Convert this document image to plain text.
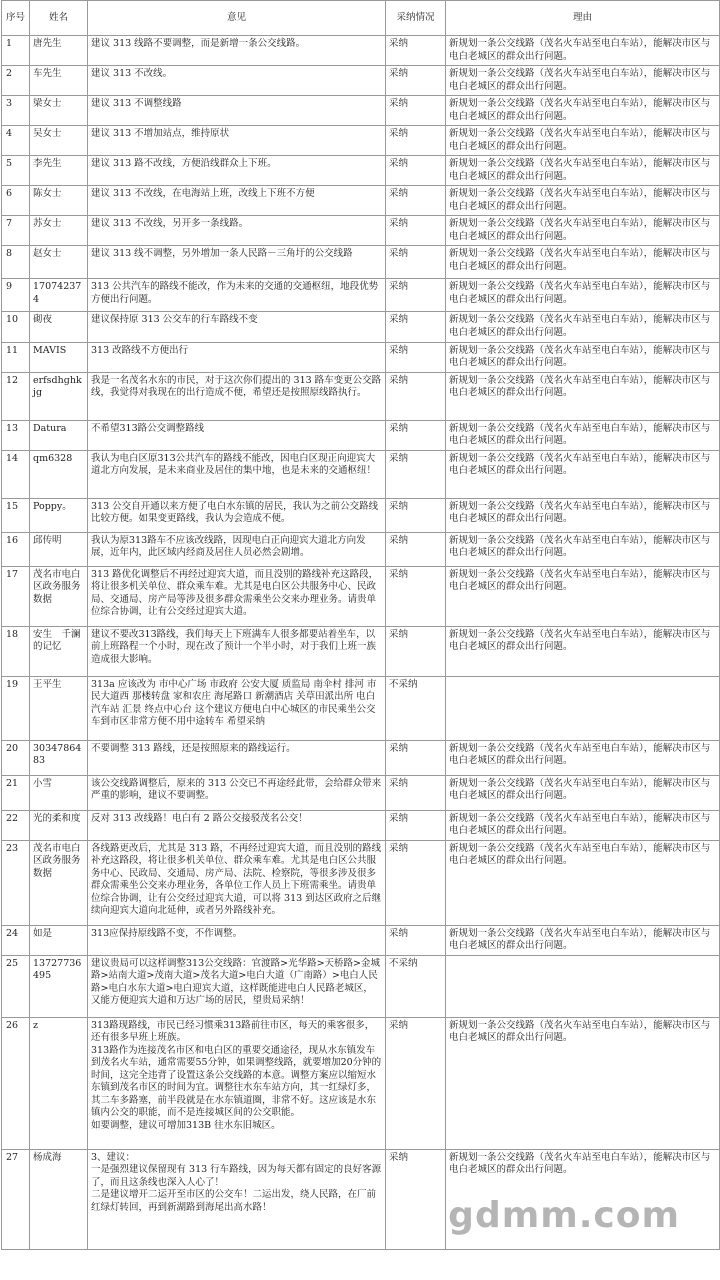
序号	姓名	意见	采纳情况	理由
1	唐先生	建议 313 线路不要调整，而是新增一条公交线路。	采纳	新规划一条公交线路（茂名火车站至电白车站），能解决市区与电白老城区的群众出行问题。
2	车先生	建议 313 不改线。	采纳	新规划一条公交线路（茂名火车站至电白车站），能解决市区与电白老城区的群众出行问题。
3	梁女士	建议 313 不调整线路	采纳	新规划一条公交线路（茂名火车站至电白车站），能解决市区与电白老城区的群众出行问题。
4	吴女士	建议 313 不增加站点，维持原状	采纳	新规划一条公交线路（茂名火车站至电白车站），能解决市区与电白老城区的群众出行问题。
5	李先生	建议 313 路不改线，方便沿线群众上下班。	采纳	新规划一条公交线路（茂名火车站至电白车站），能解决市区与电白老城区的群众出行问题。
6	陈女士	建议 313 不改线，在电海站上班，改线上下班不方便	采纳	新规划一条公交线路（茂名火车站至电白车站），能解决市区与电白老城区的群众出行问题。
7	苏女士	建议 313 不改线，另开多一条线路。	采纳	新规划一条公交线路（茂名火车站至电白车站），能解决市区与电白老城区的群众出行问题。
8	赵女士	建议 313 线不调整，另外增加一条人民路－三角圩的公交线路	采纳	新规划一条公交线路（茂名火车站至电白车站），能解决市区与电白老城区的群众出行问题。
9	170742374	313 公共汽车的路线不能改，作为未来的交通的交通枢纽，地段优势方便出行问题。	采纳	新规划一条公交线路（茂名火车站至电白车站），能解决市区与电白老城区的群众出行问题。
10	砌夜	建议保持原 313 公交车的行车路线不变	采纳	新规划一条公交线路（茂名火车站至电白车站），能解决市区与电白老城区的群众出行问题。
11	MAVIS	313 改路线不方便出行	采纳	新规划一条公交线路（茂名火车站至电白车站），能解决市区与电白老城区的群众出行问题。
12	erfsdhghkjg	我是一名茂名水东的市民，对于这次你们提出的 313 路车变更公交路线，我觉得对我现在的出行造成不便，希望还是按照原线路执行。	采纳	新规划一条公交线路（茂名火车站至电白车站），能解决市区与电白老城区的群众出行问题。
13	Datura	不希望313路公交调整路线	采纳	新规划一条公交线路（茂名火车站至电白车站），能解决市区与电白老城区的群众出行问题。
14	qm6328	我认为电白区原313公共汽车的路线不能改，因电白区现正向迎宾大道北方向发展，是未来商业及居住的集中地，也是未来的交通枢纽！	采纳	新规划一条公交线路（茂名火车站至电白车站），能解决市区与电白老城区的群众出行问题。
15	Poppy。	313 公交自开通以来方便了电白水东镇的居民，我认为之前公交路线比较方便。如果变更路线，我认为会造成不便。	采纳	新规划一条公交线路（茂名火车站至电白车站），能解决市区与电白老城区的群众出行问题。
16	邱传明	我认为原313路车不应该改线路，因现电白正向迎宾大道北方向发展，近年内，此区域内经商及居住人员必然会剧增。	采纳	新规划一条公交线路（茂名火车站至电白车站），能解决市区与电白老城区的群众出行问题。
17	茂名市电白区政务服务数据	313 路优化调整后不再经过迎宾大道，而且没别的路线补充这路段，将让很多机关单位、群众乘车难。尤其是电白区公共服务中心、民政局、交通局、房产局等涉及很多群众需乘坐公交来办理业务。请贵单位综合协调，让有公交经过迎宾大道。	采纳	新规划一条公交线路（茂名火车站至电白车站），能解决市区与电白老城区的群众出行问题。
18	安生　千澜的记忆	建议不要改313路线，我们每天上下班满车人很多都要站着坐车，以前上班路程一个小时，现在改了预计一个半小时，对于我们上班一族造成很大影响。	采纳	新规划一条公交线路（茂名火车站至电白车站），能解决市区与电白老城区的群众出行问题。
19	王平生	313a 应该改为 市中心广场 市政府 公安大厦 质监局 南伞村 排河 市民大道西 那楼转盘 家和农庄 海尾路口 新潮酒店 关草田派出所 电白汽车站 汇景 终点中心台 这个建议方便电白中心城区的市民乘坐公交车到市区非常方便不用中途转车 希望采纳	不采纳	
20	3034786483	不要调整 313 路线，还是按照原来的路线运行。	采纳	新规划一条公交线路（茂名火车站至电白车站），能解决市区与电白老城区的群众出行问题。
21	小雪	该公交线路调整后，原来的 313 公交已不再途经此带，会给群众带来严重的影响，建议不要调整。	采纳	新规划一条公交线路（茂名火车站至电白车站），能解决市区与电白老城区的群众出行问题。
22	光的柔和度	反对 313 改线路！电白有 2 路公交接驳茂名公交！	采纳	新规划一条公交线路（茂名火车站至电白车站），能解决市区与电白老城区的群众出行问题。
23	茂名市电白区政务服务数据	各线路更改后，尤其是 313 路，不再经过迎宾大道，而且没别的路线补充这路段，将让很多机关单位、群众乘车难。尤其是电白区公共服务中心、民政局、交通局、房产局、法院、检察院，等很多涉及很多群众需乘坐公交来办理业务，各单位工作人员上下班需乘坐。请贵单位综合协调，让有公交经过迎宾大道，可以将 313 到达区政府之后继续向迎宾大道向北延伸，或者另外路线补充。	采纳	新规划一条公交线路（茂名火车站至电白车站），能解决市区与电白老城区的群众出行问题。
24	如是	313应保持原线路不变，不作调整。	采纳	新规划一条公交线路（茂名火车站至电白车站），能解决市区与电白老城区的群众出行问题。
25	13727736495	建议贵局可以这样调整313公交线路：官渡路>光华路>天桥路>金城路>站南大道>茂南大道>茂名大道>电白大道（广南路）>电白人民路>电白水东大道>电白迎宾大道，这样既能进电白人民路老城区，又能方便迎宾大道和万达广场的居民，望贵局采纳！	不采纳	
26	z	313路现路线，市民已经习惯乘313路前往市区，每天的乘客很多，还有很多早班上班族。
313路作为连接茂名市区和电白区的重要交通途径，现从水东镇发车到茂名火车站，通常需要55分钟，如果调整线路，就要增加20分钟的时间，这完全违背了设置这条公交线路的本意。调整方案应以缩短水东镇到茂名市区的时间为宜。调整往水东车站方向，其一红绿灯多，其二车多路塞，前半段就是在水东镇道圈，非常不好。这应该是水东镇内公交的职能，而不是连接城区间的公交职能。
如要调整，建议可增加313B 往水东旧城区。	采纳	新规划一条公交线路（茂名火车站至电白车站），能解决市区与电白老城区的群众出行问题。
27	杨成海	3、建议：
一是强烈建议保留现有 313 行车路线，因为每天都有固定的良好客源了，而且这条线也深入人心了！
二是建议增开二运开至市区的公交车！二运出发，绕人民路，在厂前红绿灯转回，再到新湖路到海尾出高水路！	采纳	新规划一条公交线路（茂名火车站至电白车站），能解决市区与电白老城区的群众出行问题。
gdmm.com
